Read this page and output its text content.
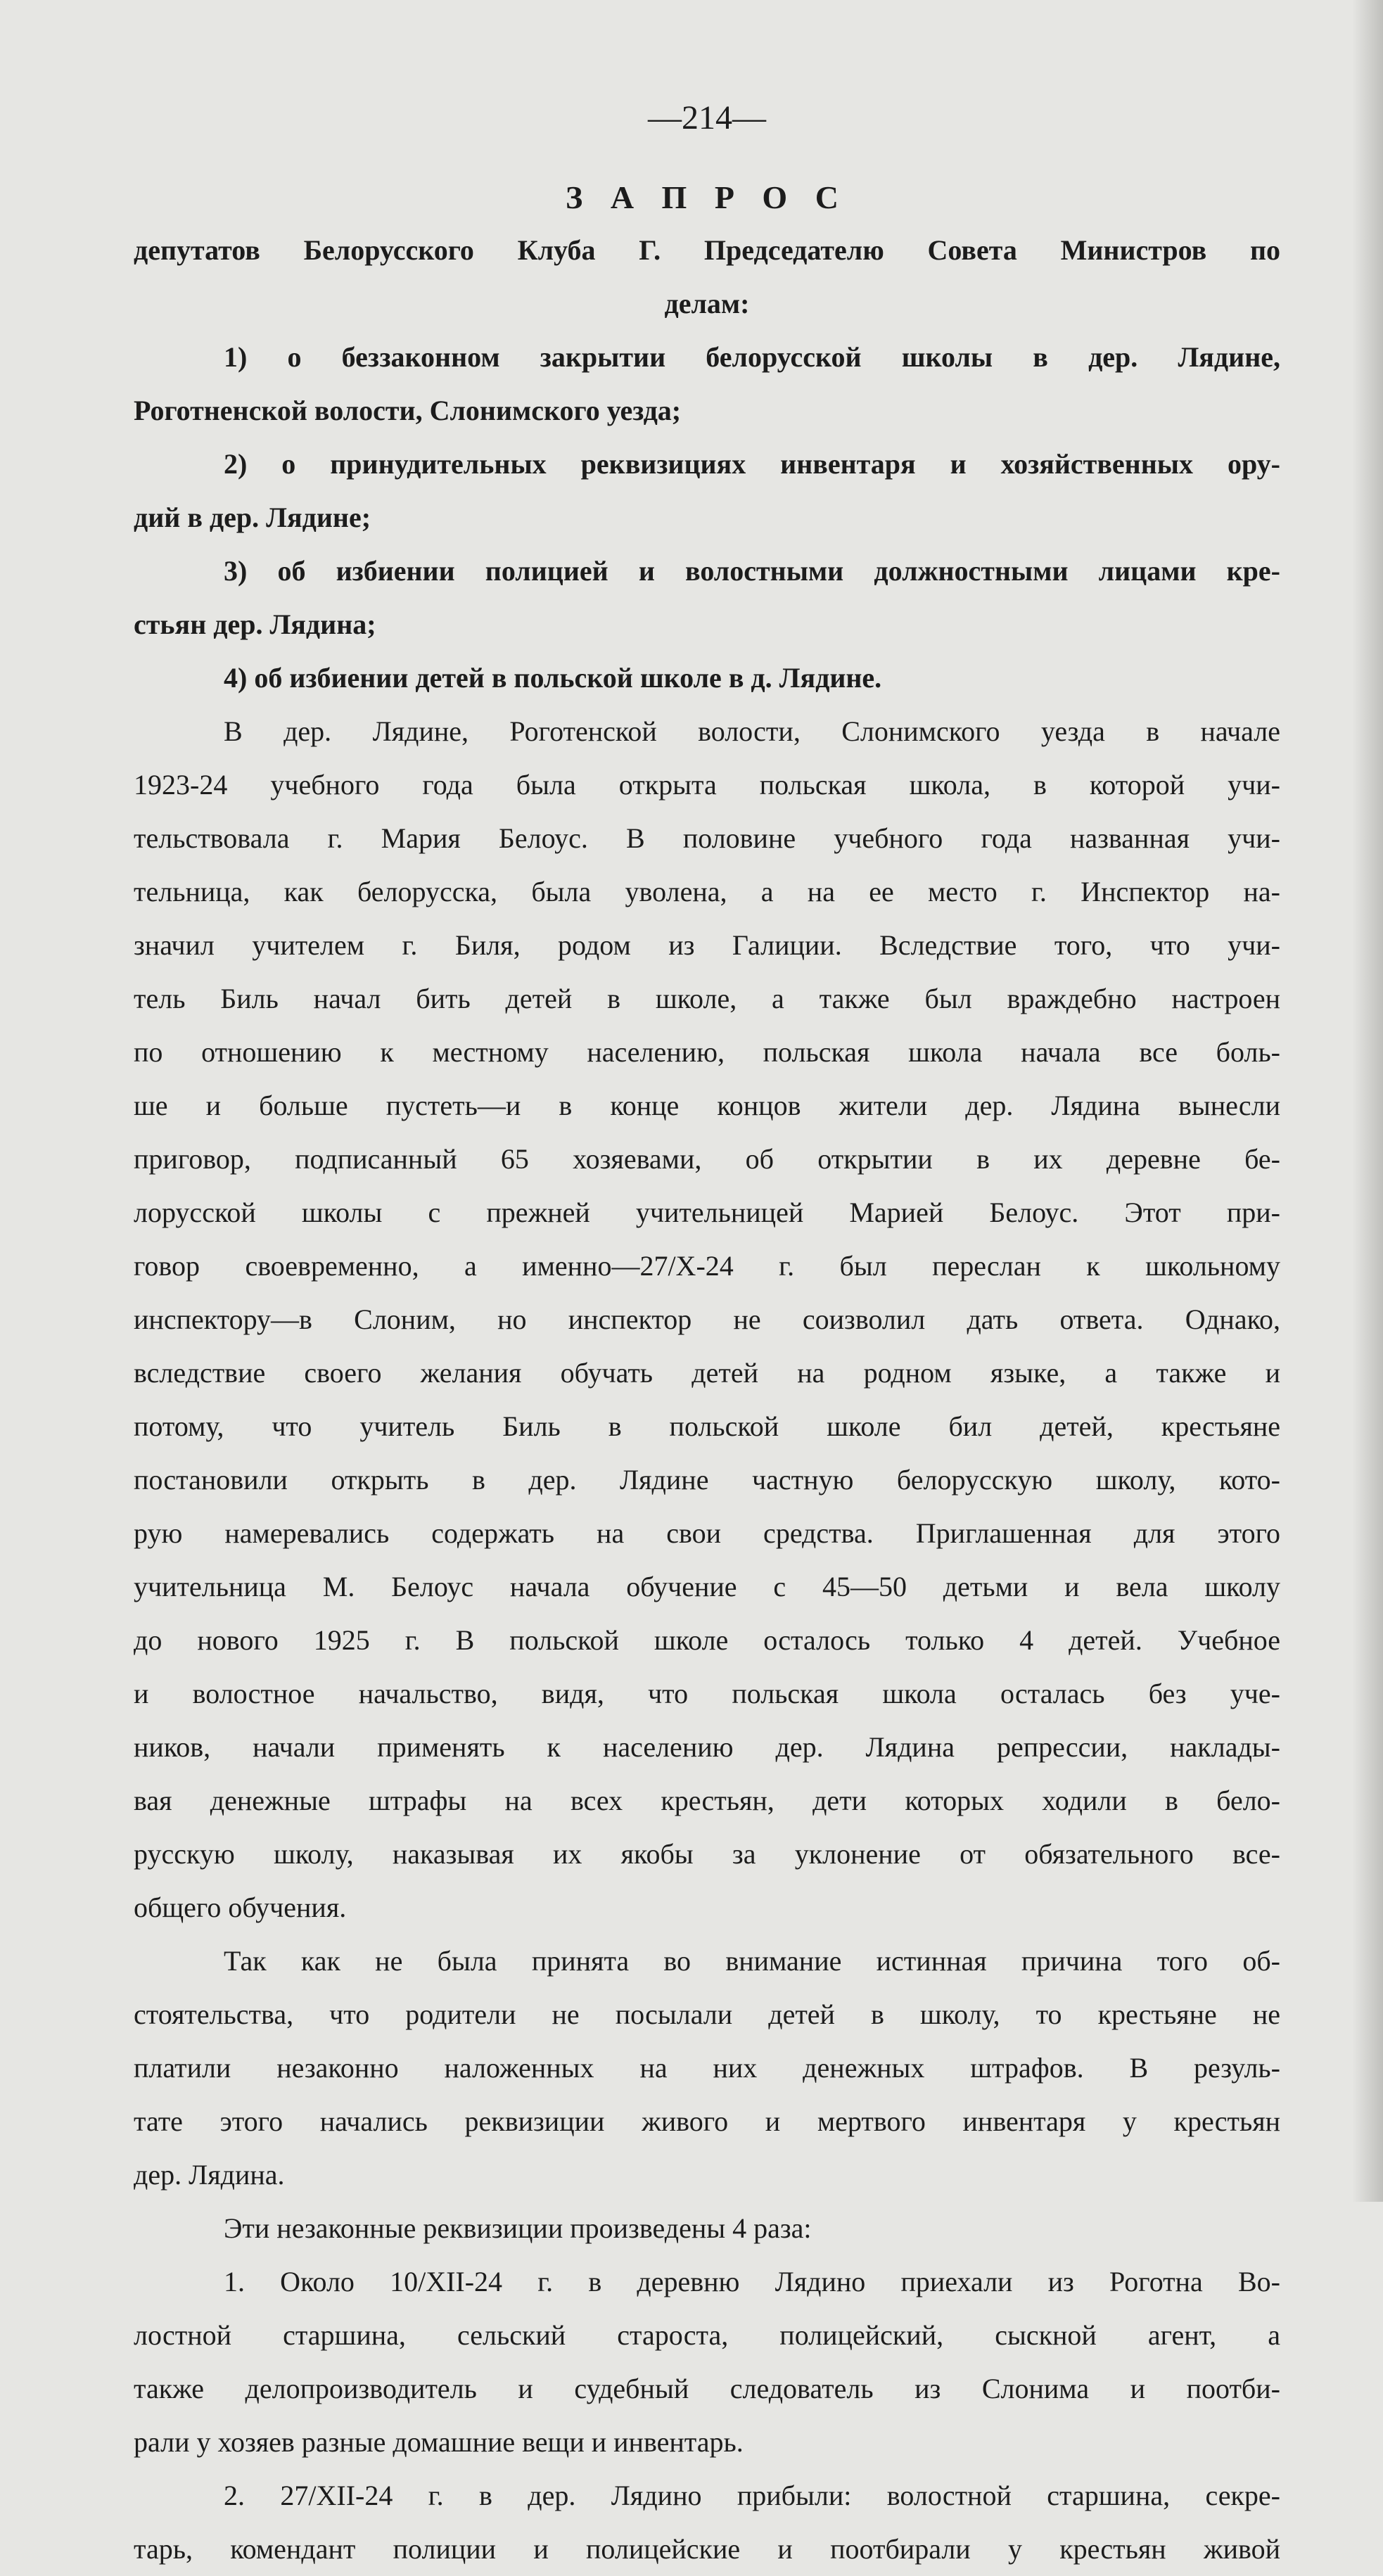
—214—
З А П Р О С
депутатов Белорусского Клуба Г. Председателю Совета Министров по
делам:
1) о беззаконном закрытии белорусской школы в дер. Лядине,
Роготненской волости, Слонимского уезда;
2) о принудительных реквизициях инвентаря и хозяйственных ору-
дий в дер. Лядине;
3) об избиении полицией и волостными должностными лицами кре-
стьян дер. Лядина;
4) об избиении детей в польской школе в д. Лядине.
В дер. Лядине, Роготенской волости, Слонимского уезда в начале
1923-24 учебного года была открыта польская школа, в которой учи-
тельствовала г. Мария Белоус. В половине учебного года названная учи-
тельница, как белорусска, была уволена, а на ее место г. Инспектор на-
значил учителем г. Биля, родом из Галиции. Вследствие того, что учи-
тель Биль начал бить детей в школе, а также был враждебно настроен
по отношению к местному населению, польская школа начала все боль-
ше и больше пустеть—и в конце концов жители дер. Лядина вынесли
приговор, подписанный 65 хозяевами, об открытии в их деревне бе-
лорусской школы с прежней учительницей Марией Белоус. Этот при-
говор своевременно, а именно—27/X-24 г. был переслан к школьному
инспектору—в Слоним, но инспектор не соизволил дать ответа. Однако,
вследствие своего желания обучать детей на родном языке, а также и
потому, что учитель Биль в польской школе бил детей, крестьяне
постановили открыть в дер. Лядине частную белорусскую школу, кото-
рую намеревались содержать на свои средства. Приглашенная для этого
учительница М. Белоус начала обучение с 45—50 детьми и вела школу
до нового 1925 г. В польской школе осталось только 4 детей. Учебное
и волостное начальство, видя, что польская школа осталась без уче-
ников, начали применять к населению дер. Лядина репрессии, наклады-
вая денежные штрафы на всех крестьян, дети которых ходили в бело-
русскую школу, наказывая их якобы за уклонение от обязательного все-
общего обучения.
Так как не была принята во внимание истинная причина того об-
стоятельства, что родители не посылали детей в школу, то крестьяне не
платили незаконно наложенных на них денежных штрафов. В резуль-
тате этого начались реквизиции живого и мертвого инвентаря у крестьян
дер. Лядина.
Эти незаконные реквизиции произведены 4 раза:
1. Около 10/XII-24 г. в деревню Лядино приехали из Роготна Во-
лостной старшина, сельский староста, полицейский, сыскной агент, а
также делопроизводитель и судебный следователь из Слонима и поотби-
рали у хозяев разные домашние вещи и инвентарь.
2. 27/XII-24 г. в дер. Лядино прибыли: волостной старшина, секре-
тарь, комендант полиции и полицейские и поотбирали у крестьян живой
